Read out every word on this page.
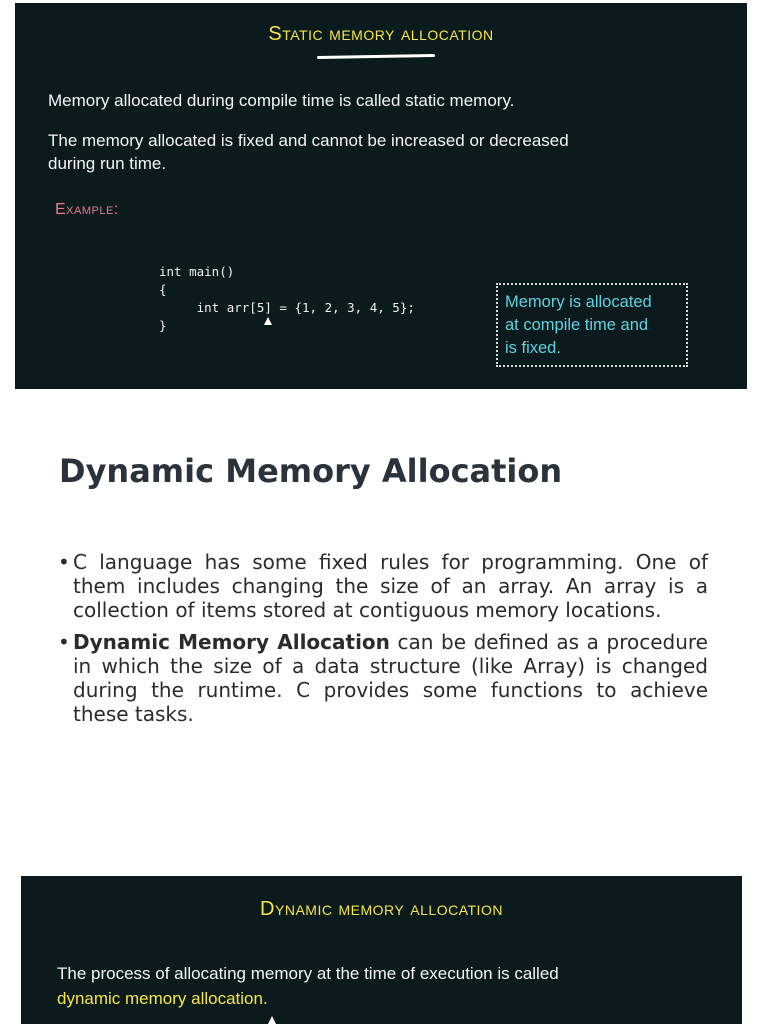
Static memory allocation
Memory allocated during compile time is called static memory.
The memory allocated is fixed and cannot be increased or decreased
during run time.
Example:
int main()
{
int arr[5] = {1, 2, 3, 4, 5};
}
Memory is allocated
at compile time and
is fixed.
Dynamic Memory Allocation
• C language has some fixed rules for programming. One of them includes changing the size of an array. An array is a collection of items stored at contiguous memory locations.
• Dynamic Memory Allocation can be defined as a procedure in which the size of a data structure (like Array) is changed during the runtime. C provides some functions to achieve these tasks.
Dynamic memory allocation
The process of allocating memory at the time of execution is called
dynamic memory allocation.
